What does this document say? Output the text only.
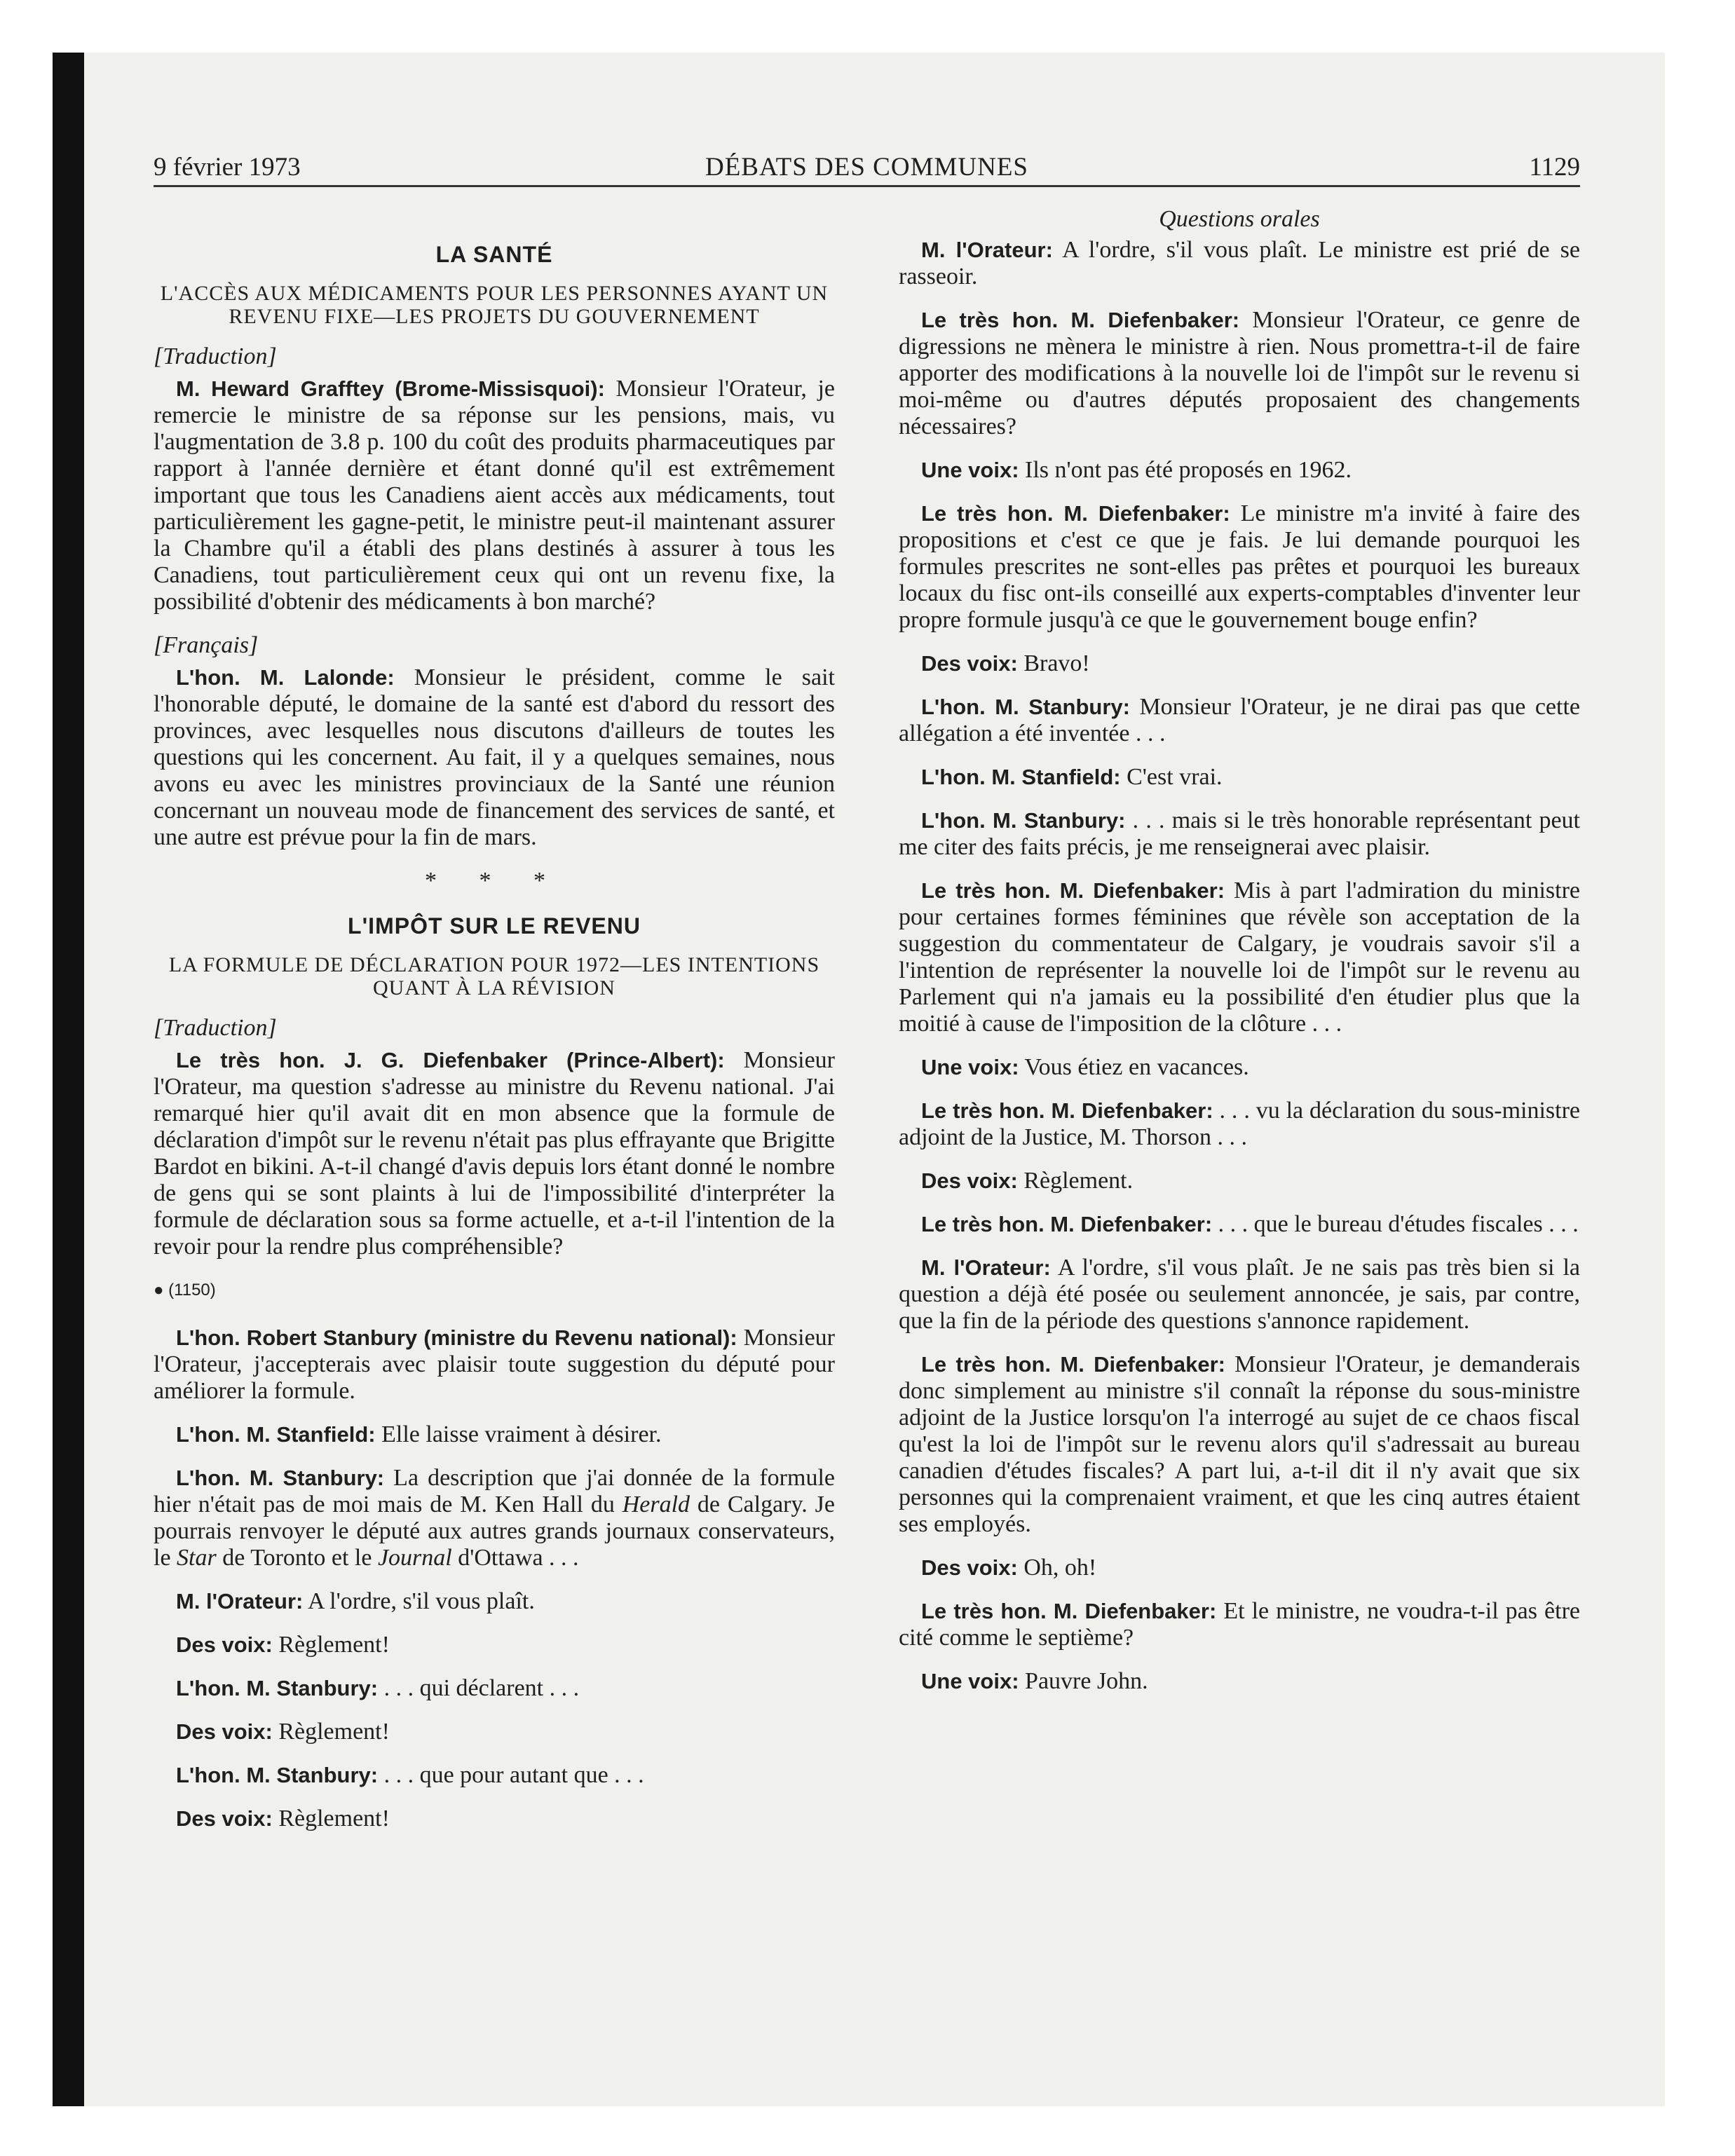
9 février 1973	DÉBATS DES COMMUNES	1129
LA SANTÉ
L'ACCÈS AUX MÉDICAMENTS POUR LES PERSONNES AYANT UN REVENU FIXE—LES PROJETS DU GOUVERNEMENT
[Traduction]

M. Heward Grafftey (Brome-Missisquoi): Monsieur l'Orateur, je remercie le ministre de sa réponse sur les pensions, mais, vu l'augmentation de 3.8 p. 100 du coût des produits pharmaceutiques par rapport à l'année dernière et étant donné qu'il est extrêmement important que tous les Canadiens aient accès aux médicaments, tout particulièrement les gagne-petit, le ministre peut-il maintenant assurer la Chambre qu'il a établi des plans destinés à assurer à tous les Canadiens, tout particulièrement ceux qui ont un revenu fixe, la possibilité d'obtenir des médicaments à bon marché?

[Français]

L'hon. M. Lalonde: Monsieur le président, comme le sait l'honorable député, le domaine de la santé est d'abord du ressort des provinces, avec lesquelles nous discutons d'ailleurs de toutes les questions qui les concernent. Au fait, il y a quelques semaines, nous avons eu avec les ministres provinciaux de la Santé une réunion concernant un nouveau mode de financement des services de santé, et une autre est prévue pour la fin de mars.

* * *
L'IMPÔT SUR LE REVENU
LA FORMULE DE DÉCLARATION POUR 1972—LES INTENTIONS QUANT À LA RÉVISION
[Traduction]

Le très hon. J. G. Diefenbaker (Prince-Albert): Monsieur l'Orateur, ma question s'adresse au ministre du Revenu national. J'ai remarqué hier qu'il avait dit en mon absence que la formule de déclaration d'impôt sur le revenu n'était pas plus effrayante que Brigitte Bardot en bikini. A-t-il changé d'avis depuis lors étant donné le nombre de gens qui se sont plaints à lui de l'impossibilité d'interpréter la formule de déclaration sous sa forme actuelle, et a-t-il l'intention de la revoir pour la rendre plus compréhensible?

● (1150)

L'hon. Robert Stanbury (ministre du Revenu national): Monsieur l'Orateur, j'accepterais avec plaisir toute suggestion du député pour améliorer la formule.

L'hon. M. Stanfield: Elle laisse vraiment à désirer.

L'hon. M. Stanbury: La description que j'ai donnée de la formule hier n'était pas de moi mais de M. Ken Hall du Herald de Calgary. Je pourrais renvoyer le député aux autres grands journaux conservateurs, le Star de Toronto et le Journal d'Ottawa . . .

M. l'Orateur: A l'ordre, s'il vous plaît.

Des voix: Règlement!

L'hon. M. Stanbury: . . . qui déclarent . . .

Des voix: Règlement!

L'hon. M. Stanbury: . . . que pour autant que . . .

Des voix: Règlement!

Questions orales

M. l'Orateur: A l'ordre, s'il vous plaît. Le ministre est prié de se rasseoir.

Le très hon. M. Diefenbaker: Monsieur l'Orateur, ce genre de digressions ne mènera le ministre à rien. Nous promettra-t-il de faire apporter des modifications à la nouvelle loi de l'impôt sur le revenu si moi-même ou d'autres députés proposaient des changements nécessaires?

Une voix: Ils n'ont pas été proposés en 1962.

Le très hon. M. Diefenbaker: Le ministre m'a invité à faire des propositions et c'est ce que je fais. Je lui demande pourquoi les formules prescrites ne sont-elles pas prêtes et pourquoi les bureaux locaux du fisc ont-ils conseillé aux experts-comptables d'inventer leur propre formule jusqu'à ce que le gouvernement bouge enfin?

Des voix: Bravo!

L'hon. M. Stanbury: Monsieur l'Orateur, je ne dirai pas que cette allégation a été inventée . . .

L'hon. M. Stanfield: C'est vrai.

L'hon. M. Stanbury: . . . mais si le très honorable représentant peut me citer des faits précis, je me renseignerai avec plaisir.

Le très hon. M. Diefenbaker: Mis à part l'admiration du ministre pour certaines formes féminines que révèle son acceptation de la suggestion du commentateur de Calgary, je voudrais savoir s'il a l'intention de représenter la nouvelle loi de l'impôt sur le revenu au Parlement qui n'a jamais eu la possibilité d'en étudier plus que la moitié à cause de l'imposition de la clôture . . .

Une voix: Vous étiez en vacances.

Le très hon. M. Diefenbaker: . . . vu la déclaration du sous-ministre adjoint de la Justice, M. Thorson . . .

Des voix: Règlement.

Le très hon. M. Diefenbaker: . . . que le bureau d'études fiscales . . .

M. l'Orateur: A l'ordre, s'il vous plaît. Je ne sais pas très bien si la question a déjà été posée ou seulement annoncée, je sais, par contre, que la fin de la période des questions s'annonce rapidement.

Le très hon. M. Diefenbaker: Monsieur l'Orateur, je demanderais donc simplement au ministre s'il connaît la réponse du sous-ministre adjoint de la Justice lorsqu'on l'a interrogé au sujet de ce chaos fiscal qu'est la loi de l'impôt sur le revenu alors qu'il s'adressait au bureau canadien d'études fiscales? A part lui, a-t-il dit il n'y avait que six personnes qui la comprenaient vraiment, et que les cinq autres étaient ses employés.

Des voix: Oh, oh!

Le très hon. M. Diefenbaker: Et le ministre, ne voudra-t-il pas être cité comme le septième?

Une voix: Pauvre John.
